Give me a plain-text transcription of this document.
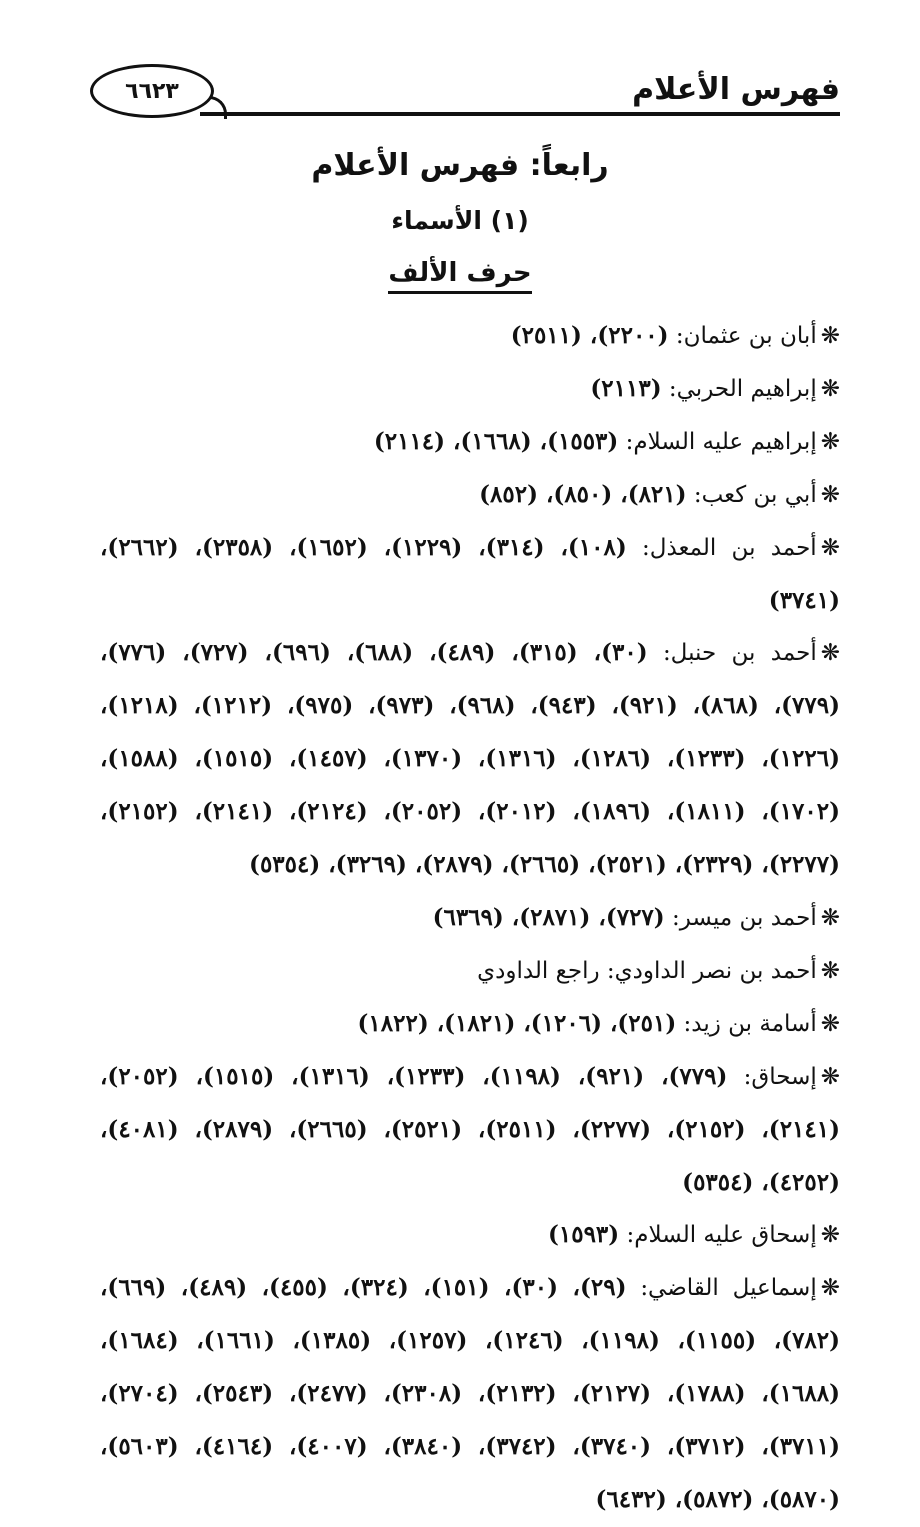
٦٦٢٣	فهرس الأعلام
رابعاً: فهرس الأعلام
(١) الأسماء
حرف الألف

❋أبان بن عثمان: (٢٢٠٠)، (٢٥١١)

❋إبراهيم الحربي: (٢١١٣)

❋إبراهيم عليه السلام: (١٥٥٣)، (١٦٦٨)، (٢١١٤)

❋أبي بن كعب: (٨٢١)، (٨٥٠)، (٨٥٢)

❋أحمد بن المعذل: (١٠٨)، (٣١٤)، (١٢٢٩)، (١٦٥٢)، (٢٣٥٨)، (٢٦٦٢)، (٣٧٤١)

❋أحمد بن حنبل: (٣٠)، (٣١٥)، (٤٨٩)، (٦٨٨)، (٦٩٦)، (٧٢٧)، (٧٧٦)، (٧٧٩)، (٨٦٨)، (٩٢١)، (٩٤٣)، (٩٦٨)، (٩٧٣)، (٩٧٥)، (١٢١٢)، (١٢١٨)، (١٢٢٦)، (١٢٣٣)، (١٢٨٦)، (١٣١٦)، (١٣٧٠)، (١٤٥٧)، (١٥١٥)، (١٥٨٨)، (١٧٠٢)، (١٨١١)، (١٨٩٦)، (٢٠١٢)، (٢٠٥٢)، (٢١٢٤)، (٢١٤١)، (٢١٥٢)، (٢٢٧٧)، (٢٣٢٩)، (٢٥٢١)، (٢٦٦٥)، (٢٨٧٩)، (٣٢٦٩)، (٥٣٥٤)

❋أحمد بن ميسر: (٧٢٧)، (٢٨٧١)، (٦٣٦٩)

❋أحمد بن نصر الداودي: راجع الداودي

❋أسامة بن زيد: (٢٥١)، (١٢٠٦)، (١٨٢١)، (١٨٢٢)

❋إسحاق: (٧٧٩)، (٩٢١)، (١١٩٨)، (١٢٣٣)، (١٣١٦)، (١٥١٥)، (٢٠٥٢)، (٢١٤١)، (٢١٥٢)، (٢٢٧٧)، (٢٥١١)، (٢٥٢١)، (٢٦٦٥)، (٢٨٧٩)، (٤٠٨١)، (٤٢٥٢)، (٥٣٥٤)

❋إسحاق عليه السلام: (١٥٩٣)

❋إسماعيل القاضي: (٢٩)، (٣٠)، (١٥١)، (٣٢٤)، (٤٥٥)، (٤٨٩)، (٦٦٩)، (٧٨٢)، (١١٥٥)، (١١٩٨)، (١٢٤٦)، (١٢٥٧)، (١٣٨٥)، (١٦٦١)، (١٦٨٤)، (١٦٨٨)، (١٧٨٨)، (٢١٢٧)، (٢١٣٢)، (٢٣٠٨)، (٢٤٧٧)، (٢٥٤٣)، (٢٧٠٤)، (٣٧١١)، (٣٧١٢)، (٣٧٤٠)، (٣٧٤٢)، (٣٨٤٠)، (٤٠٠٧)، (٤١٦٤)، (٥٦٠٣)، (٥٨٧٠)، (٥٨٧٢)، (٦٤٣٢)
